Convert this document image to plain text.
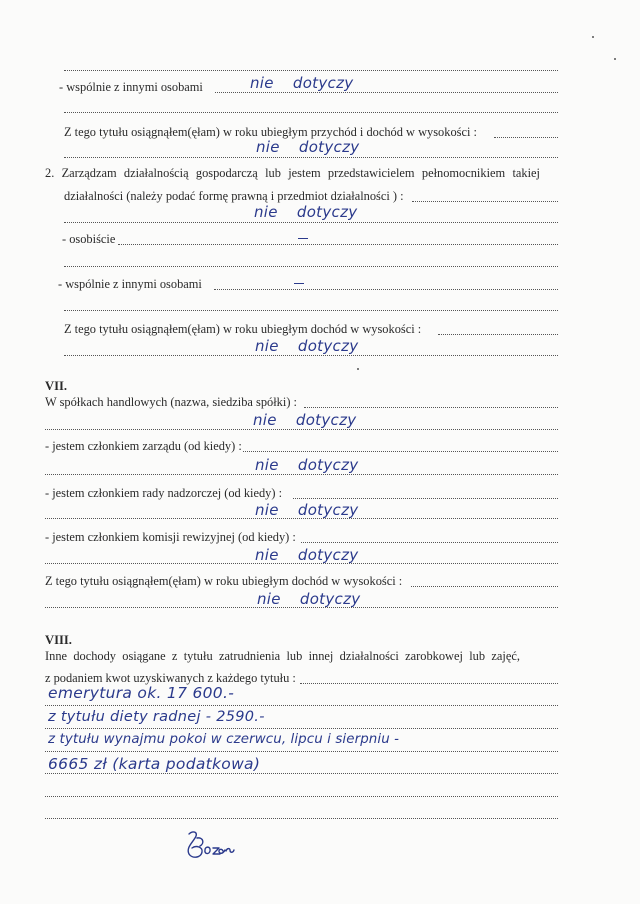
- wspólnie z innymi osobami	nie dotyczy
Z tego tytułu osiągnąłem(ęłam) w roku ubiegłym przychód i dochód w wysokości :
nie dotyczy
2. Zarządzam działalnością gospodarczą lub jestem przedstawicielem pełnomocnikiem takiej
działalności (należy podać formę prawną i przedmiot działalności ) :
nie dotyczy
- osobiście
- wspólnie z innymi osobami
Z tego tytułu osiągnąłem(ęłam) w roku ubiegłym dochód w wysokości :
nie dotyczy
VII.
W spółkach handlowych (nazwa, siedziba spółki) :
nie dotyczy
- jestem członkiem zarządu (od kiedy) :
nie dotyczy
- jestem członkiem rady nadzorczej (od kiedy) :
nie dotyczy
- jestem członkiem komisji rewizyjnej (od kiedy) :
nie dotyczy
Z tego tytułu osiągnąłem(ęłam) w roku ubiegłym dochód w wysokości :
nie dotyczy
VIII.
Inne dochody osiągane z tytułu zatrudnienia lub innej działalności zarobkowej lub zajęć,
z podaniem kwot uzyskiwanych z każdego tytułu :
emerytura ok. 17 600.-
z tytułu diety radnej - 2590.-
z tytułu wynajmu pokoi w czerwcu, lipcu i sierpniu -
6665 zł (karta podatkowa)
